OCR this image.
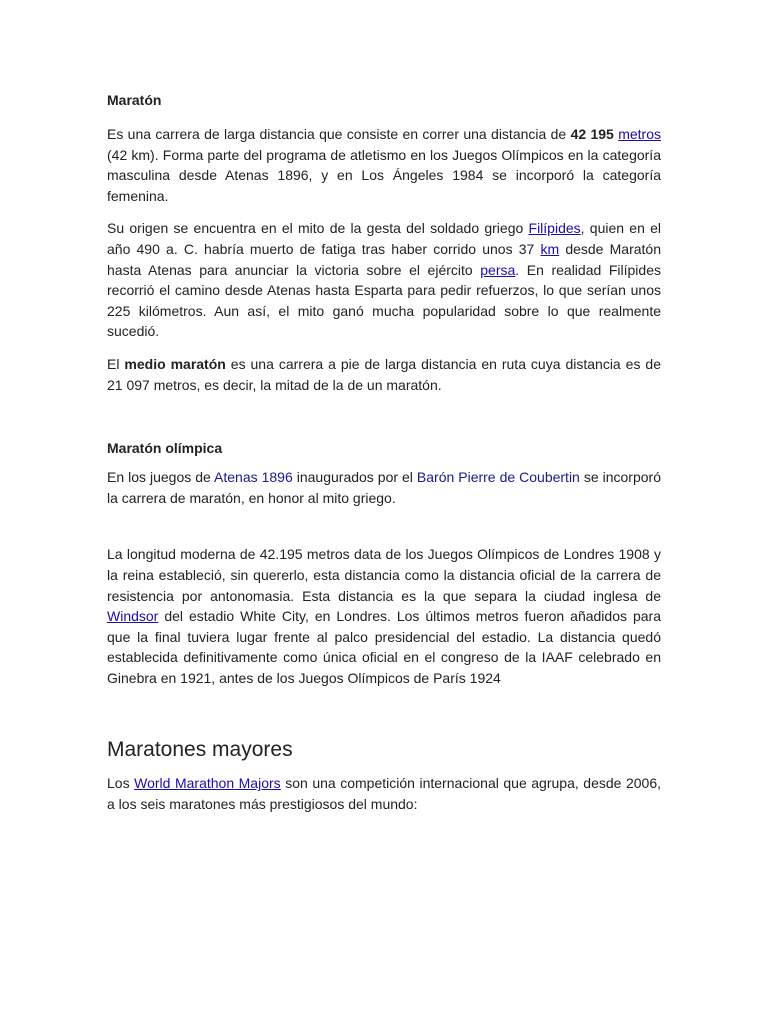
Maratón

Es una carrera de larga distancia que consiste en correr una distancia de 42 195 metros (42 km). Forma parte del programa de atletismo en los Juegos Olímpicos en la categoría masculina desde Atenas 1896, y en Los Ángeles 1984 se incorporó la categoría femenina.

Su origen se encuentra en el mito de la gesta del soldado griego Filípides, quien en el año 490 a. C. habría muerto de fatiga tras haber corrido unos 37 km desde Maratón hasta Atenas para anunciar la victoria sobre el ejército persa. En realidad Filípides recorrió el camino desde Atenas hasta Esparta para pedir refuerzos, lo que serían unos 225 kilómetros. Aun así, el mito ganó mucha popularidad sobre lo que realmente sucedió.

El medio maratón es una carrera a pie de larga distancia en ruta cuya distancia es de 21 097 metros, es decir, la mitad de la de un maratón.

Maratón olímpica

En los juegos de Atenas 1896 inaugurados por el Barón Pierre de Coubertin se incorporó la carrera de maratón, en honor al mito griego.

La longitud moderna de 42.195 metros data de los Juegos Olímpicos de Londres 1908 y la reina estableció, sin quererlo, esta distancia como la distancia oficial de la carrera de resistencia por antonomasia. Esta distancia es la que separa la ciudad inglesa de Windsor del estadio White City, en Londres. Los últimos metros fueron añadidos para que la final tuviera lugar frente al palco presidencial del estadio. La distancia quedó establecida definitivamente como única oficial en el congreso de la IAAF celebrado en Ginebra en 1921, antes de los Juegos Olímpicos de París 1924

Maratones mayores

Los World Marathon Majors son una competición internacional que agrupa, desde 2006, a los seis maratones más prestigiosos del mundo:
